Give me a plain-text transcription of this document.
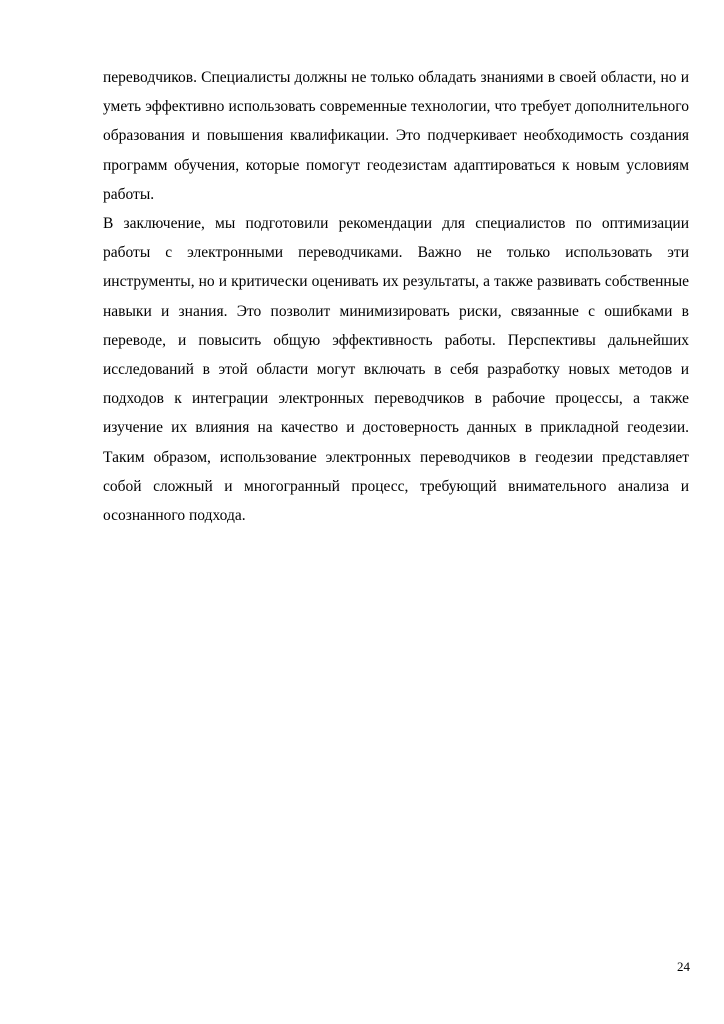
переводчиков. Специалисты должны не только обладать знаниями в своей области, но и уметь эффективно использовать современные технологии, что требует дополнительного образования и повышения квалификации. Это подчеркивает необходимость создания программ обучения, которые помогут геодезистам адаптироваться к новым условиям работы.

В заключение, мы подготовили рекомендации для специалистов по оптимизации работы с электронными переводчиками. Важно не только использовать эти инструменты, но и критически оценивать их результаты, а также развивать собственные навыки и знания. Это позволит минимизировать риски, связанные с ошибками в переводе, и повысить общую эффективность работы. Перспективы дальнейших исследований в этой области могут включать в себя разработку новых методов и подходов к интеграции электронных переводчиков в рабочие процессы, а также изучение их влияния на качество и достоверность данных в прикладной геодезии. Таким образом, использование электронных переводчиков в геодезии представляет собой сложный и многогранный процесс, требующий внимательного анализа и осознанного подхода.

24
